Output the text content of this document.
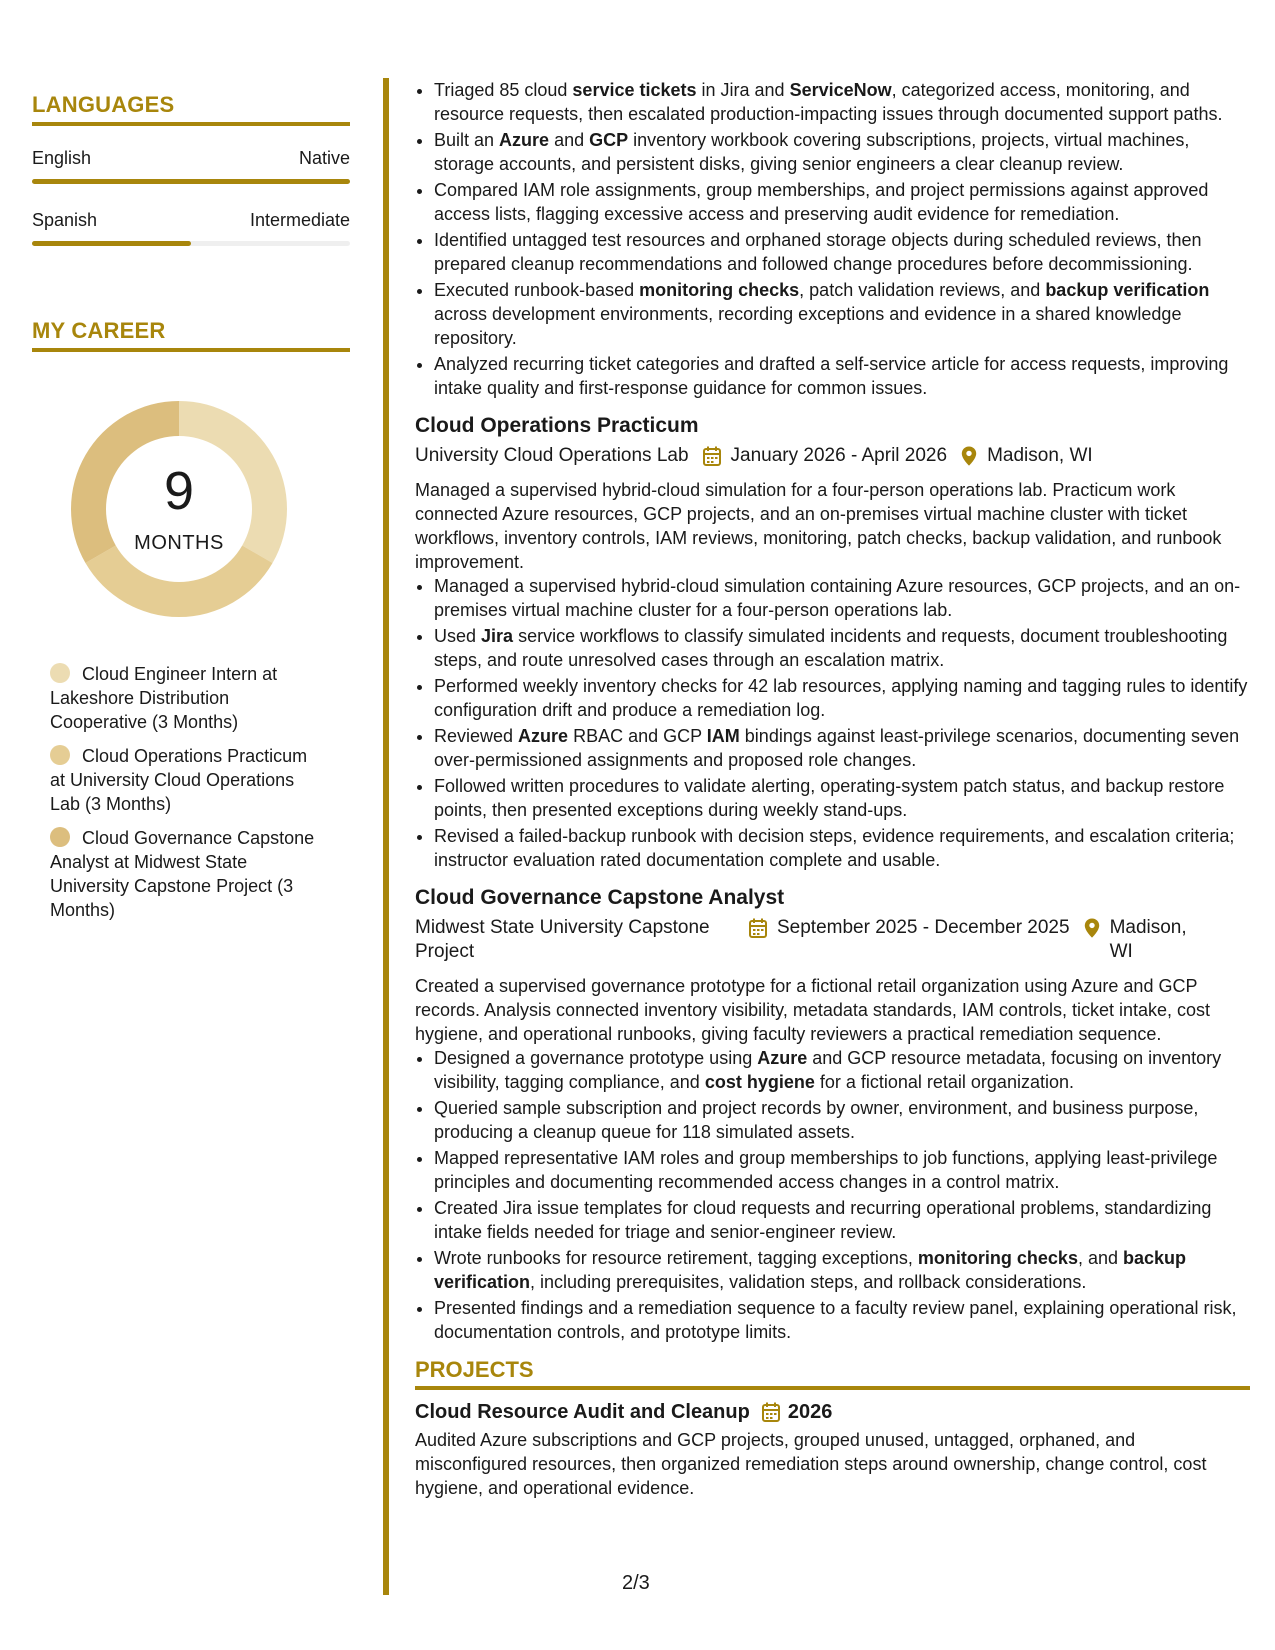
LANGUAGES
English	Native
Spanish	Intermediate
MY CAREER
9
MONTHS
Cloud Engineer Intern at Lakeshore Distribution Cooperative (3 Months)
Cloud Operations Practicum at University Cloud Operations Lab (3 Months)
Cloud Governance Capstone Analyst at Midwest State University Capstone Project (3 Months)
• Triaged 85 cloud service tickets in Jira and ServiceNow, categorized access, monitoring, and resource requests, then escalated production-impacting issues through documented support paths.
• Built an Azure and GCP inventory workbook covering subscriptions, projects, virtual machines, storage accounts, and persistent disks, giving senior engineers a clear cleanup review.
• Compared IAM role assignments, group memberships, and project permissions against approved access lists, flagging excessive access and preserving audit evidence for remediation.
• Identified untagged test resources and orphaned storage objects during scheduled reviews, then prepared cleanup recommendations and followed change procedures before decommissioning.
• Executed runbook-based monitoring checks, patch validation reviews, and backup verification across development environments, recording exceptions and evidence in a shared knowledge repository.
• Analyzed recurring ticket categories and drafted a self-service article for access requests, improving intake quality and first-response guidance for common issues.
Cloud Operations Practicum
University Cloud Operations Lab January 2026 - April 2026 Madison, WI
Managed a supervised hybrid-cloud simulation for a four-person operations lab. Practicum work connected Azure resources, GCP projects, and an on-premises virtual machine cluster with ticket workflows, inventory controls, IAM reviews, monitoring, patch checks, backup validation, and runbook improvement.
• Managed a supervised hybrid-cloud simulation containing Azure resources, GCP projects, and an on-premises virtual machine cluster for a four-person operations lab.
• Used Jira service workflows to classify simulated incidents and requests, document troubleshooting steps, and route unresolved cases through an escalation matrix.
• Performed weekly inventory checks for 42 lab resources, applying naming and tagging rules to identify configuration drift and produce a remediation log.
• Reviewed Azure RBAC and GCP IAM bindings against least-privilege scenarios, documenting seven over-permissioned assignments and proposed role changes.
• Followed written procedures to validate alerting, operating-system patch status, and backup restore points, then presented exceptions during weekly stand-ups.
• Revised a failed-backup runbook with decision steps, evidence requirements, and escalation criteria; instructor evaluation rated documentation complete and usable.
Cloud Governance Capstone Analyst
Midwest State University Capstone Project
September 2025 - December 2025 Madison, WI
Created a supervised governance prototype for a fictional retail organization using Azure and GCP records. Analysis connected inventory visibility, metadata standards, IAM controls, ticket intake, cost hygiene, and operational runbooks, giving faculty reviewers a practical remediation sequence.
• Designed a governance prototype using Azure and GCP resource metadata, focusing on inventory visibility, tagging compliance, and cost hygiene for a fictional retail organization.
• Queried sample subscription and project records by owner, environment, and business purpose, producing a cleanup queue for 118 simulated assets.
• Mapped representative IAM roles and group memberships to job functions, applying least-privilege principles and documenting recommended access changes in a control matrix.
• Created Jira issue templates for cloud requests and recurring operational problems, standardizing intake fields needed for triage and senior-engineer review.
• Wrote runbooks for resource retirement, tagging exceptions, monitoring checks, and backup verification, including prerequisites, validation steps, and rollback considerations.
• Presented findings and a remediation sequence to a faculty review panel, explaining operational risk, documentation controls, and prototype limits.
PROJECTS
Cloud Resource Audit and Cleanup 2026
Audited Azure subscriptions and GCP projects, grouped unused, untagged, orphaned, and misconfigured resources, then organized remediation steps around ownership, change control, cost hygiene, and operational evidence.
2/3
